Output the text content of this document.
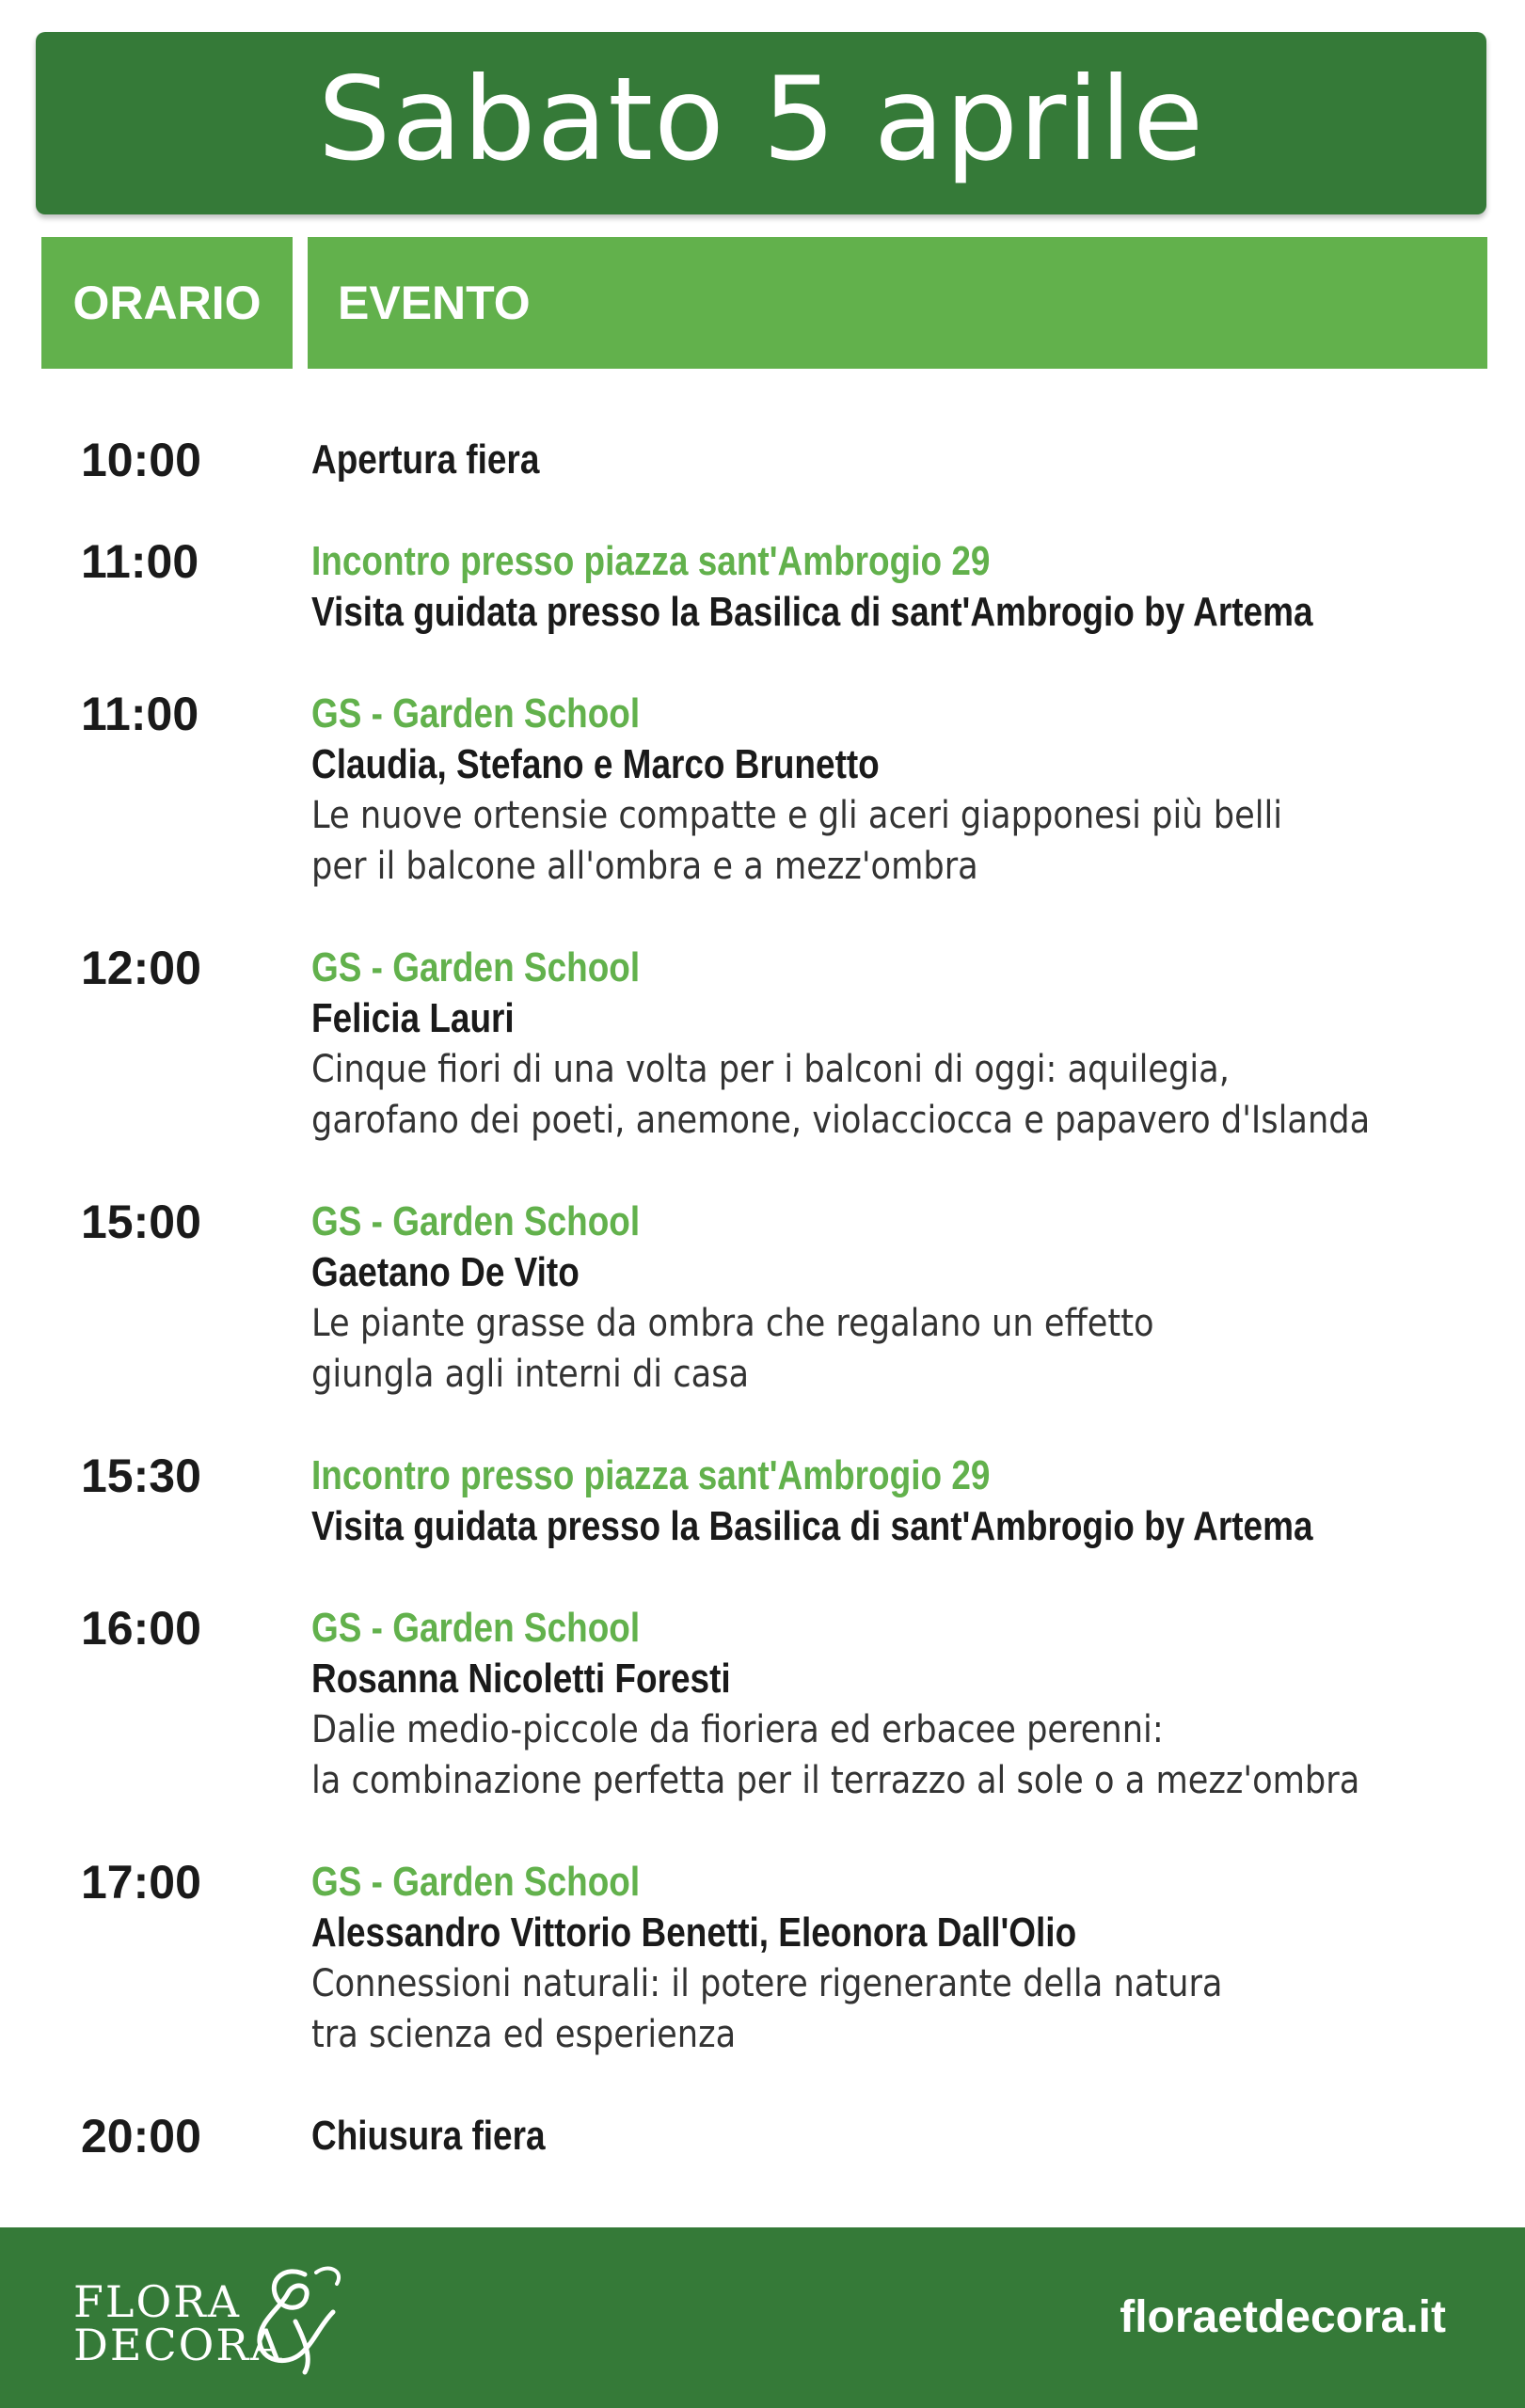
Sabato 5 aprile
ORARIO	EVENTO
10:00	Apertura fiera
11:00	Incontro presso piazza sant'Ambrogio 29
Visita guidata presso la Basilica di sant'Ambrogio by Artema
11:00	GS - Garden School
Claudia, Stefano e Marco Brunetto
Le nuove ortensie compatte e gli aceri giapponesi più belli
per il balcone all'ombra e a mezz'ombra
12:00	GS - Garden School
Felicia Lauri
Cinque fiori di una volta per i balconi di oggi: aquilegia,
garofano dei poeti, anemone, violacciocca e papavero d'Islanda
15:00	GS - Garden School
Gaetano De Vito
Le piante grasse da ombra che regalano un effetto
giungla agli interni di casa
15:30	Incontro presso piazza sant'Ambrogio 29
Visita guidata presso la Basilica di sant'Ambrogio by Artema
16:00	GS - Garden School
Rosanna Nicoletti Foresti
Dalie medio-piccole da fioriera ed erbacee perenni:
la combinazione perfetta per il terrazzo al sole o a mezz'ombra
17:00	GS - Garden School
Alessandro Vittorio Benetti, Eleonora Dall'Olio
Connessioni naturali: il potere rigenerante della natura
tra scienza ed esperienza
20:00	Chiusura fiera
FLORA
DECORA
floraetdecora.it
